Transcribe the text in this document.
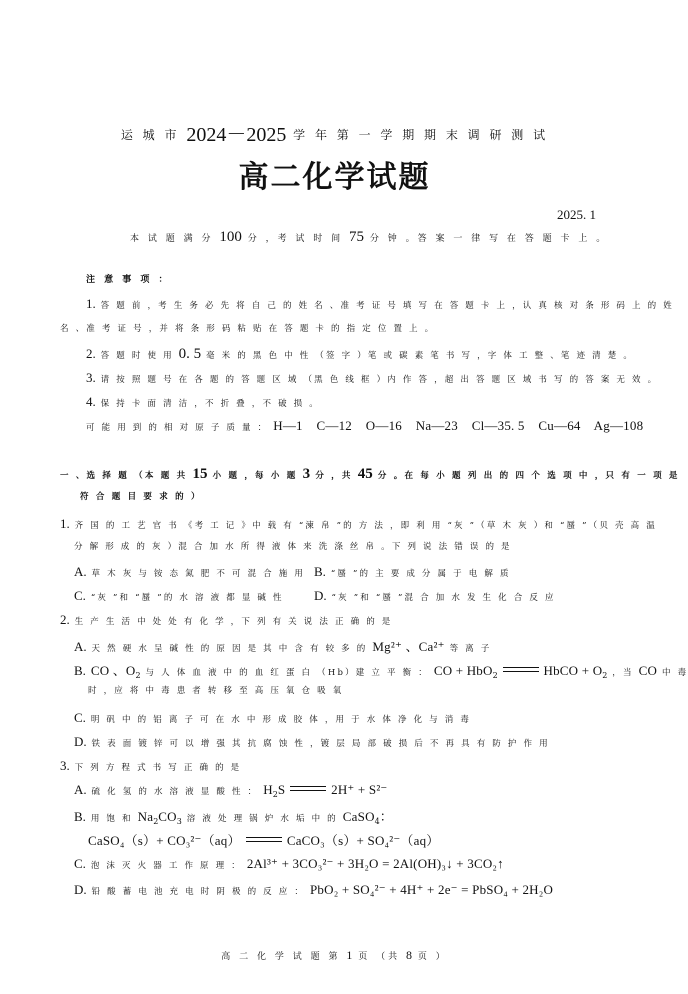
运 城 市 2024－2025 学 年 第 一 学 期 期 末 调 研 测 试
高二化学试题
2025. 1
本 试 题 满 分 100 分 ，考 试 时 间 75 分 钟 。答 案 一 律 写 在 答 题 卡 上 。
注 意 事 项 ：
1. 答 题 前 ，考 生 务 必 先 将 自 己 的 姓 名 、准 考 证 号 填 写 在 答 题 卡 上 ，认 真 核 对 条 形 码 上 的 姓
名 、准 考 证 号 ，并 将 条 形 码 粘 贴 在 答 题 卡 的 指 定 位 置 上 。
2. 答 题 时 使 用 0. 5 毫 米 的 黑 色 中 性 （签 字 ）笔 或 碳 素 笔 书 写 ，字 体 工 整 、笔 迹 清 楚 。
3. 请 按 照 题 号 在 各 题 的 答 题 区 域 （黑 色 线 框 ）内 作 答 ，超 出 答 题 区 域 书 写 的 答 案 无 效 。
4. 保 持 卡 面 清 洁 ，不 折 叠 ，不 破 损 。
可 能 用 到 的 相 对 原 子 质 量 ： H—1    C—12    O—16    Na—23    Cl—35. 5    Cu—64    Ag—108
一 、选 择 题 （本 题 共 15 小 题 ，每 小 题 3 分 ，共 45 分 。在 每 小 题 列 出 的 四 个 选 项 中 ，只 有 一 项 是
符 合 题 目 要 求 的 ）
1. 齐 国 的 工 艺 官 书 《考 工 记 》中 载 有 “湅 帛 ”的 方 法 ，即 利 用 “灰 ”（草 木 灰 ）和 “蜃 ”（贝 壳 高 温
分 解 形 成 的 灰 ）混 合 加 水 所 得 液 体 来 洗 涤 丝 帛 。下 列 说 法 错 误 的 是
A. 草 木 灰 与 铵 态 氮 肥 不 可 混 合 施 用 B. “蜃 ”的 主 要 成 分 属 于 电 解 质
C. “灰 ”和 “蜃 ”的 水 溶 液 都 显 碱 性 D. “灰 ”和 “蜃 ”混 合 加 水 发 生 化 合 反 应
2. 生 产 生 活 中 处 处 有 化 学 ，下 列 有 关 说 法 正 确 的 是
A. 天 然 硬 水 呈 碱 性 的 原 因 是 其 中 含 有 较 多 的 Mg²⁺ 、Ca²⁺ 等 离 子
B. CO 、O2 与 人 体 血 液 中 的 血 红 蛋 白 （Hb）建 立 平 衡 ： CO + HbO2	HbCO + O2 ，当 CO 中 毒
时 ，应 将 中 毒 患 者 转 移 至 高 压 氧 仓 吸 氧
C. 明 矾 中 的 铝 离 子 可 在 水 中 形 成 胶 体 ，用 于 水 体 净 化 与 消 毒
D. 铁 表 面 镀 锌 可 以 增 强 其 抗 腐 蚀 性 ，镀 层 局 部 破 损 后 不 再 具 有 防 护 作 用
3. 下 列 方 程 式 书 写 正 确 的 是
A. 硫 化 氢 的 水 溶 液 显 酸 性 ： H2S	2H⁺ + S²⁻
B. 用 饱 和 Na2CO3 溶 液 处 理 锅 炉 水 垢 中 的 CaSO4：
CaSO₄（s）+ CO₃²⁻（aq）	CaCO₃（s）+ SO₄²⁻（aq）
C. 泡 沫 灭 火 器 工 作 原 理 ： 2Al³⁺ + 3CO₃²⁻ + 3H₂O = 2Al(OH)₃↓ + 3CO₂↑
D. 铅 酸 蓄 电 池 充 电 时 阴 极 的 反 应 ： PbO₂ + SO₄²⁻ + 4H⁺ + 2e⁻ = PbSO₄ + 2H₂O
高 二 化 学 试 题 第 1 页 （共 8 页 ）
